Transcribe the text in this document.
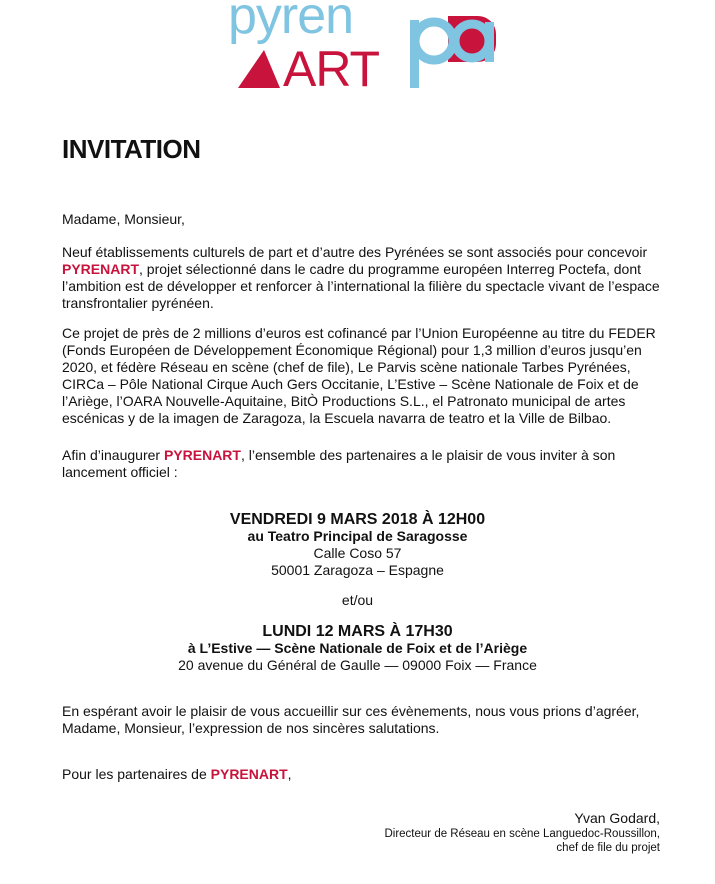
pyren
ART
INVITATION

Madame, Monsieur,

Neuf établissements culturels de part et d’autre des Pyrénées se sont associés pour concevoir
PYRENART, projet sélectionné dans le cadre du programme européen Interreg Poctefa, dont l’ambition est de développer et renforcer à l’international la filière du spectacle vivant de l’espace transfrontalier pyrénéen.

Ce projet de près de 2 millions d’euros est cofinancé par l’Union Européenne au titre du FEDER (Fonds Européen de Développement Économique Régional) pour 1,3 million d’euros jusqu’en 2020, et fédère Réseau en scène (chef de file), Le Parvis scène nationale Tarbes Pyrénées, CIRCa – Pôle National Cirque Auch Gers Occitanie, L’Estive – Scène Nationale de Foix et de l’Ariège, l’OARA Nouvelle-Aquitaine, BitÒ Productions S.L., el Patronato municipal de artes escénicas y de la imagen de Zaragoza, la Escuela navarra de teatro et la Ville de Bilbao.

Afin d’inaugurer PYRENART, l’ensemble des partenaires a le plaisir de vous inviter à son lancement officiel :

VENDREDI 9 MARS 2018 À 12H00
au Teatro Principal de Saragosse
Calle Coso 57
50001 Zaragoza – Espagne
et/ou
LUNDI 12 MARS À 17H30
à L’Estive — Scène Nationale de Foix et de l’Ariège
20 avenue du Général de Gaulle — 09000 Foix — France

En espérant avoir le plaisir de vous accueillir sur ces évènements, nous vous prions d’agréer, Madame, Monsieur, l’expression de nos sincères salutations.

Pour les partenaires de PYRENART,

Yvan Godard,
Directeur de Réseau en scène Languedoc-Roussillon,
chef de file du projet
